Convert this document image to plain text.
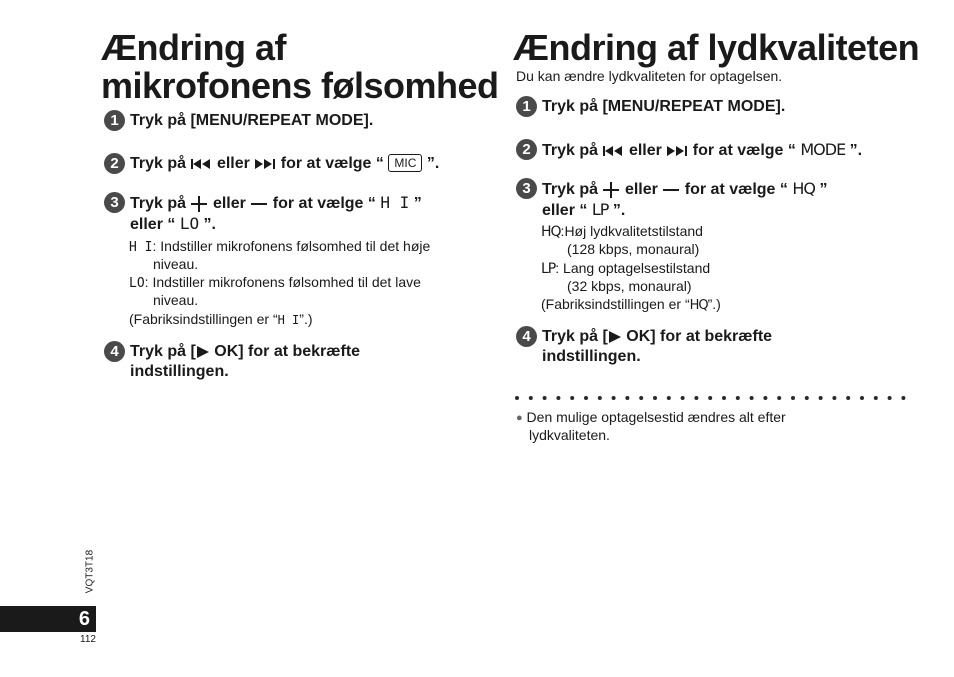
Ændring af
mikrofonens følsomhed
1 Tryk på [MENU/REPEAT MODE].
2 Tryk på eller for at vælge “ MIC ”.
3 Tryk på eller for at vælge “ H I ”
eller “ LO ”.
H I: Indstiller mikrofonens følsomhed til det høje
niveau.
LO: Indstiller mikrofonens følsomhed til det lave
niveau.
(Fabriksindstillingen er “H I”.)
4 Tryk på [ OK] for at bekræfte
indstillingen.
Ændring af lydkvaliteten
Du kan ændre lydkvaliteten for optagelsen.
1 Tryk på [MENU/REPEAT MODE].
2 Tryk på eller for at vælge “ MODE ”.
3 Tryk på eller for at vælge “ HQ ”
eller “ LP ”.
HQ:Høj lydkvalitetstilstand
(128 kbps, monaural)
LP: Lang optagelsestilstand
(32 kbps, monaural)
(Fabriksindstillingen er “HQ”.)
4 Tryk på [ OK] for at bekræfte
indstillingen.
● Den mulige optagelsestid ændres alt efter
lydkvaliteten.
VQT3T18
6
112
